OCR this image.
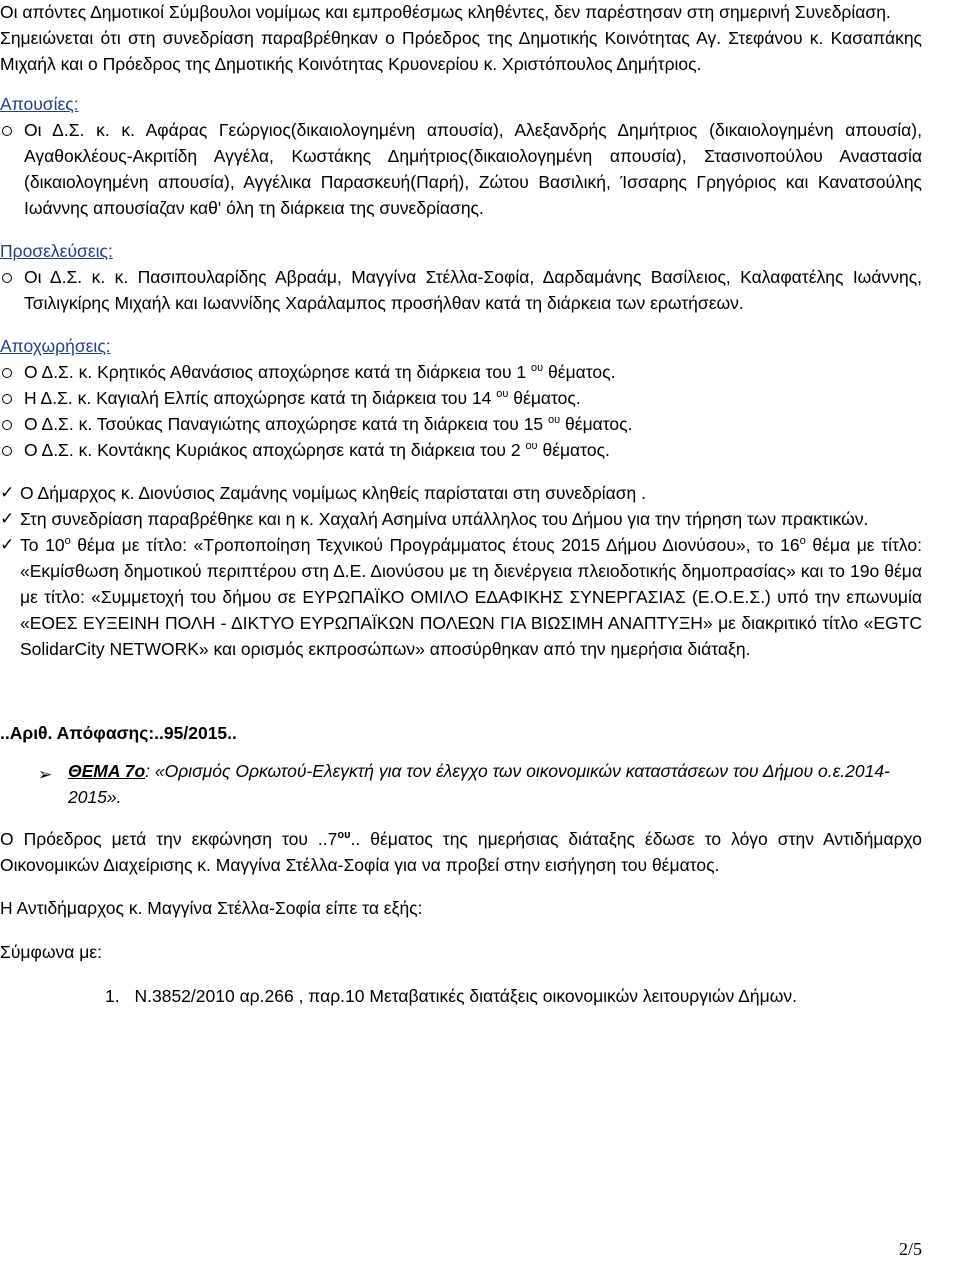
Οι απόντες Δημοτικοί Σύμβουλοι νομίμως και εμπροθέσμως κληθέντες, δεν παρέστησαν στη σημερινή Συνεδρίαση.

Σημειώνεται ότι στη συνεδρίαση παραβρέθηκαν ο Πρόεδρος της Δημοτικής Κοινότητας Αγ. Στεφάνου κ. Κασαπάκης Μιχαήλ και ο Πρόεδρος της Δημοτικής Κοινότητας Κρυονερίου κ. Χριστόπουλος Δημήτριος.

Απουσίες:

Οι Δ.Σ. κ. κ. Αφάρας Γεώργιος(δικαιολογημένη απουσία), Αλεξανδρής Δημήτριος (δικαιολογημένη απουσία), Αγαθοκλέους-Ακριτίδη Αγγέλα, Κωστάκης Δημήτριος(δικαιολογημένη απουσία), Στασινοπούλου Αναστασία (δικαιολογημένη απουσία), Αγγέλικα Παρασκευή(Παρή), Ζώτου Βασιλική, Ίσσαρης Γρηγόριος και Κανατσούλης Ιωάννης απουσίαζαν καθ' όλη τη διάρκεια της συνεδρίασης.

Προσελεύσεις:

Οι Δ.Σ. κ. κ. Πασιπουλαρίδης Αβραάμ, Μαγγίνα Στέλλα-Σοφία, Δαρδαμάνης Βασίλειος, Καλαφατέλης Ιωάννης, Τσιλιγκίρης Μιχαήλ και Ιωαννίδης Χαράλαμπος προσήλθαν κατά τη διάρκεια των ερωτήσεων.

Αποχωρήσεις:

Ο Δ.Σ. κ. Κρητικός Αθανάσιος αποχώρησε κατά τη διάρκεια του 1 $^{o\upsilon}$ θέματος.
Η Δ.Σ. κ. Καγιαλή Ελπίς αποχώρησε κατά τη διάρκεια του 14 $^{o\upsilon}$ θέματος.
Ο Δ.Σ. κ. Τσούκας Παναγιώτης αποχώρησε κατά τη διάρκεια του 15 $^{o\upsilon}$ θέματος.
Ο Δ.Σ. κ. Κοντάκης Κυριάκος αποχώρησε κατά τη διάρκεια του 2 $^{o\upsilon}$ θέματος.
✓ Ο Δήμαρχος κ. Διονύσιος Ζαμάνης νομίμως κληθείς παρίσταται στη συνεδρίαση .
✓ Στη συνεδρίαση παραβρέθηκε και η κ. Χαχαλή Ασημίνα υπάλληλος του Δήμου για την τήρηση των πρακτικών.
✓ Το $10^o$ θέμα με τίτλο: «Τροποποίηση Τεχνικού Προγράμματος έτους 2015 Δήμου Διονύσου», το $16^o$ θέμα με τίτλο: «Εκμίσθωση δημοτικού περιπτέρου στη Δ.Ε. Διονύσου με τη διενέργεια πλειοδοτικής δημοπρασίας» και το 19ο θέμα με τίτλο: «Συμμετοχή του δήμου σε ΕΥΡΩΠΑΪΚΟ ΟΜΙΛΟ ΕΔΑΦΙΚΗΣ ΣΥΝΕΡΓΑΣΙΑΣ (Ε.Ο.Ε.Σ.) υπό την επωνυμία «ΕΟΕΣ ΕΥΞΕΙΝΗ ΠΟΛΗ - ΔΙΚΤΥΟ ΕΥΡΩΠΑΪΚΩΝ ΠΟΛΕΩΝ ΓΙΑ ΒΙΩΣΙΜΗ ΑΝΑΠΤΥΞΗ» με διακριτικό τίτλο «EGTC SolidarCity NETWORK» και ορισμός εκπροσώπων» αποσύρθηκαν από την ημερήσια διάταξη.

..Αριθ. Απόφασης:..95/2015..

➢ ΘΕΜΑ 7ο: «Ορισμός Ορκωτού-Ελεγκτή για τον έλεγχο των οικονομικών καταστάσεων του Δήμου ο.ε.2014-2015».

Ο Πρόεδρος μετά την εκφώνηση του $..7^{o\upsilon}$.. θέματος της ημερήσιας διάταξης έδωσε το λόγο στην Αντιδήμαρχο Οικονομικών Διαχείρισης κ. Μαγγίνα Στέλλα-Σοφία για να προβεί στην εισήγηση του θέματος.

Η Αντιδήμαρχος κ. Μαγγίνα Στέλλα-Σοφία είπε τα εξής:

Σύμφωνα με:

1. Ν.3852/2010 αρ.266 , παρ.10 Μεταβατικές διατάξεις οικονομικών λειτουργιών Δήμων.
2/5
